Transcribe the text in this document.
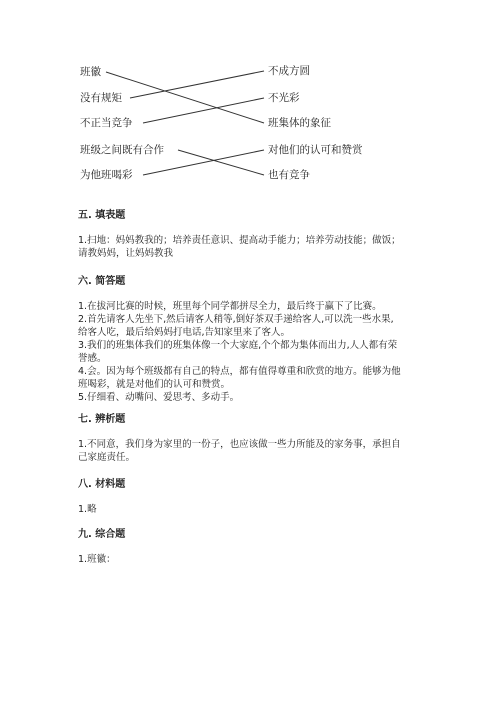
班徽
没有规矩
不正当竞争
班级之间既有合作
为他班喝彩
不成方圆
不光彩
班集体的象征
对他们的认可和赞赏
也有竞争
五. 填表题

1.扫地：妈妈教我的；培养责任意识、提高动手能力；培养劳动技能；做饭；

请教妈妈，让妈妈教我

六. 简答题

1.在拔河比赛的时候，班里每个同学都拼尽全力，最后终于赢下了比赛。

2.首先请客人先坐下,然后请客人稍等,倒好茶双手递给客人,可以洗一些水果,

给客人吃，最后给妈妈打电话,告知家里来了客人。

3.我们的班集体我们的班集体像一个大家庭,个个都为集体而出力,人人都有荣

誉感。

4.会。因为每个班级都有自己的特点，都有值得尊重和欣赏的地方。能够为他

班喝彩，就是对他们的认可和赞赏。

5.仔细看、动嘴问、爱思考、多动手。

七. 辨析题

1.不同意，我们身为家里的一份子，也应该做一些力所能及的家务事，承担自

己家庭责任。

八. 材料题

1.略

九. 综合题

1.班徽：
